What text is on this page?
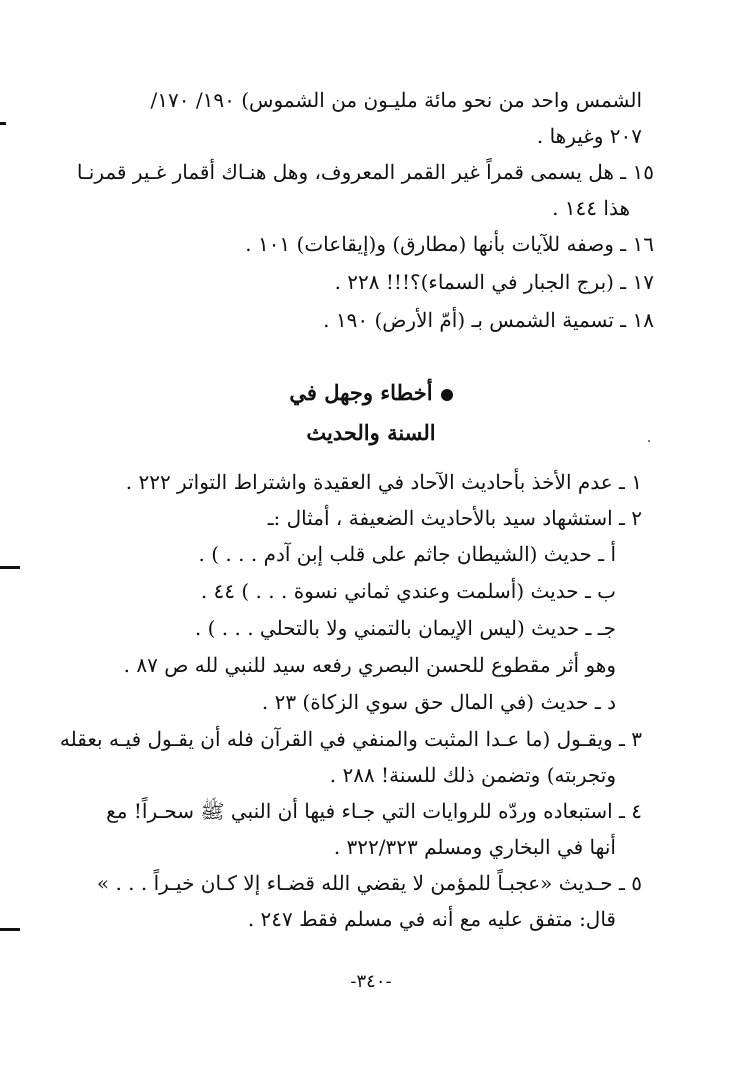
الشمس واحد من نحو مائة مليـون من الشموس) ١٩٠/ ١٧٠/
٢٠٧ وغيرها .
١٥ ـ هل يسمى قمراً غير القمر المعروف، وهل هنـاك أقمار غـير قمرنـا
هذا ١٤٤ .
١٦ ـ وصفه للآيات بأنها (مطارق) و(إيقاعات) ١٠١ .
١٧ ـ (برج الجبار في السماء)؟!!! ٢٢٨ .
١٨ ـ تسمية الشمس بـ (أمّ الأرض) ١٩٠ .
أخطاء وجهل في
السنة والحديث
١ ـ عدم الأخذ بأحاديث الآحاد في العقيدة واشتراط التواتر ٢٢٢ .
٢ ـ استشهاد سيد بالأحاديث الضعيفة ، أمثال :ـ
أ ـ حديث (الشيطان جاثم على قلب إبن آدم . . . ) .
ب ـ حديث (أسلمت وعندي ثماني نسوة . . . ) ٤٤ .
جـ ـ حديث (ليس الإيمان بالتمني ولا بالتحلي . . . ) .
وهو أثر مقطوع للحسن البصري رفعه سيد للنبي لله ص ٨٧ .
د ـ حديث (في المال حق سوي الزكاة) ٢٣ .
٣ ـ ويقـول (ما عـدا المثبت والمنفي في القرآن فله أن يقـول فيـه بعقله
وتجربته) وتضمن ذلك للسنة! ٢٨٨ .
٤ ـ استبعاده وردّه للروايات التي جـاء فيها أن النبي ﷺ سحـراً! مع
أنها في البخاري ومسلم ٣٢٢/٣٢٣ .
٥ ـ حـديث «عجبـاً للمؤمن لا يقضي الله قضـاء إلا كـان خيـراً . . . »
قال: متفق عليه مع أنه في مسلم فقط ٢٤٧ .
-٣٤٠-
